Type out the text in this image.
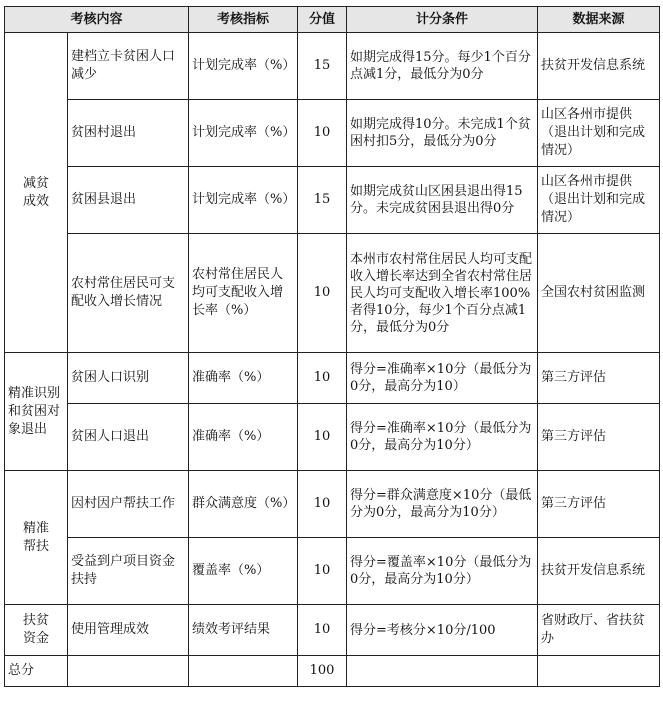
考核内容		考核指标	分值	计分条件	数据来源
减贫成效	建档立卡贫困人口减少	计划完成率（%）	15	如期完成得15分。每少1个百分点减1分，最低分为0分	扶贫开发信息系统
	贫困村退出	计划完成率（%）	10	如期完成得10分。未完成1个贫困村扣5分，最低分为0分	山区各州市提供（退出计划和完成情况）
	贫困县退出	计划完成率（%）	15	如期完成贫山区困县退出得15分。未完成贫困县退出得0分	山区各州市提供（退出计划和完成情况）
	农村常住居民可支配收入增长情况	农村常住居民人均可支配收入增长率（%）	10	本州市农村常住居民人均可支配收入增长率达到全省农村常住居民人均可支配收入增长率100%者得10分，每少1个百分点减1分，最低分为0分	全国农村贫困监测
精准识别和贫困对象退出	贫困人口识别	准确率（%）	10	得分=准确率×10分（最低分为0分，最高分为10）	第三方评估
	贫困人口退出	准确率（%）	10	得分=准确率×10分（最低分为0分，最高分为10分）	第三方评估
精准帮扶	因村因户帮扶工作	群众满意度（%）	10	得分=群众满意度×10分（最低分为0分，最高分为10分）	第三方评估
	受益到户项目资金扶持	覆盖率（%）	10	得分=覆盖率×10分（最低分为0分，最高分为10分）	扶贫开发信息系统
扶贫资金	使用管理成效	绩效考评结果	10	得分=考核分×10分/100	省财政厅、省扶贫办
总分			100		
